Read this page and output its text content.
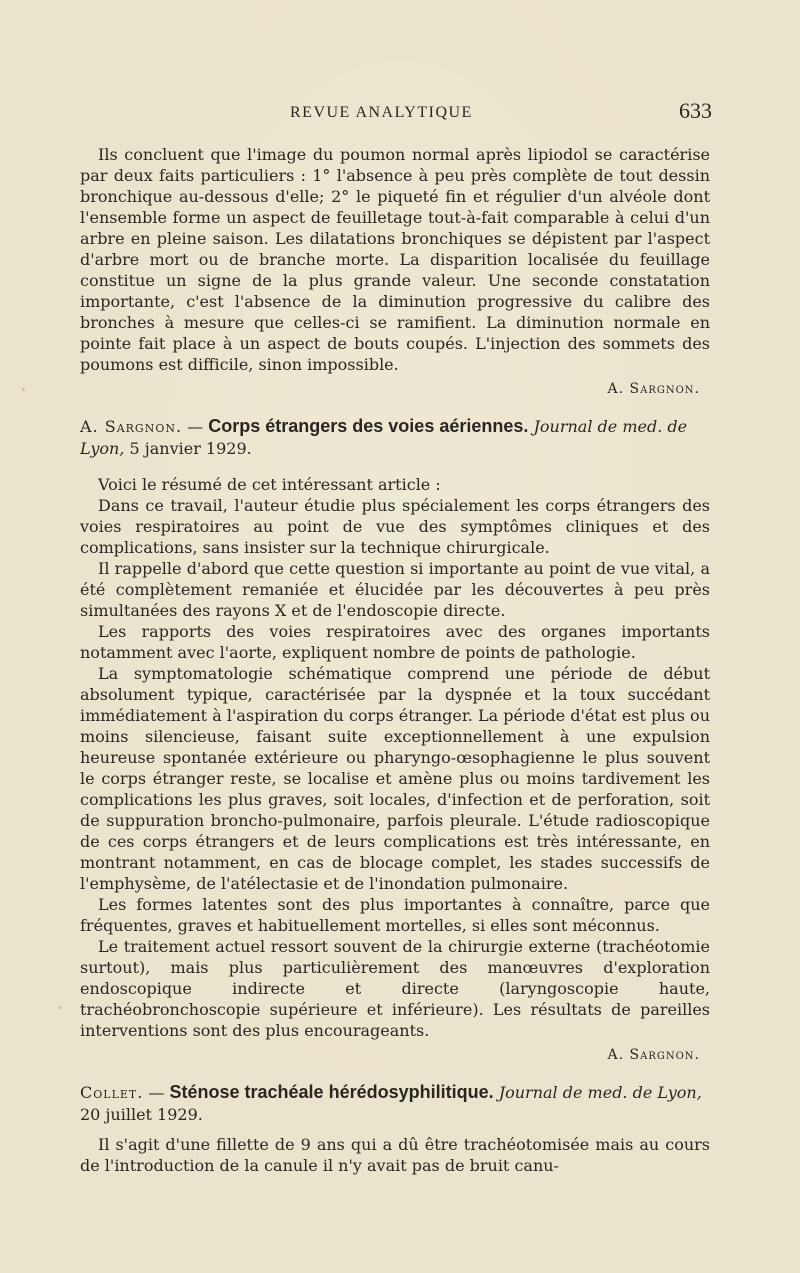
REVUE ANALYTIQUE	633

Ils concluent que l'image du poumon normal après lipiodol se caractérise par deux faits particuliers : 1° l'absence à peu près complète de tout dessin bronchique au-dessous d'elle; 2° le piqueté fin et régulier d'un alvéole dont l'ensemble forme un aspect de feuilletage tout-à-fait comparable à celui d'un arbre en pleine saison. Les dilatations bronchiques se dépistent par l'aspect d'arbre mort ou de branche morte. La disparition localisée du feuillage constitue un signe de la plus grande valeur. Une seconde constatation importante, c'est l'absence de la diminution progressive du calibre des bronches à mesure que celles-ci se ramifient. La diminution normale en pointe fait place à un aspect de bouts coupés. L'injection des sommets des poumons est difficile, sinon impossible.

A. Sargnon.
A. Sargnon. — Corps étrangers des voies aériennes. Journal de med. de Lyon, 5 janvier 1929.

Voici le résumé de cet intéressant article :

Dans ce travail, l'auteur étudie plus spécialement les corps étrangers des voies respiratoires au point de vue des symptômes cliniques et des complications, sans insister sur la technique chirurgicale.

Il rappelle d'abord que cette question si importante au point de vue vital, a été complètement remaniée et élucidée par les découvertes à peu près simultanées des rayons X et de l'endoscopie directe.

Les rapports des voies respiratoires avec des organes importants notamment avec l'aorte, expliquent nombre de points de pathologie.

La symptomatologie schématique comprend une période de début absolument typique, caractérisée par la dyspnée et la toux succédant immédiatement à l'aspiration du corps étranger. La période d'état est plus ou moins silencieuse, faisant suite exceptionnellement à une expulsion heureuse spontanée extérieure ou pharyngo-œsophagienne le plus souvent le corps étranger reste, se localise et amène plus ou moins tardivement les complications les plus graves, soit locales, d'infection et de perforation, soit de suppuration broncho-pulmonaire, parfois pleurale. L'étude radioscopique de ces corps étrangers et de leurs complications est très intéressante, en montrant notamment, en cas de blocage complet, les stades successifs de l'emphysème, de l'atélectasie et de l'inondation pulmonaire.

Les formes latentes sont des plus importantes à connaître, parce que fréquentes, graves et habituellement mortelles, si elles sont méconnus.

Le traitement actuel ressort souvent de la chirurgie externe (trachéotomie surtout), mais plus particulièrement des manœuvres d'exploration endoscopique indirecte et directe (laryngoscopie haute, trachéobronchoscopie supérieure et inférieure). Les résultats de pareilles interventions sont des plus encourageants.

A. Sargnon.
Collet. — Sténose trachéale hérédosyphilitique. Journal de med. de Lyon, 20 juillet 1929.

Il s'agit d'une fillette de 9 ans qui a dû être trachéotomisée mais au cours de l'introduction de la canule il n'y avait pas de bruit canu-
